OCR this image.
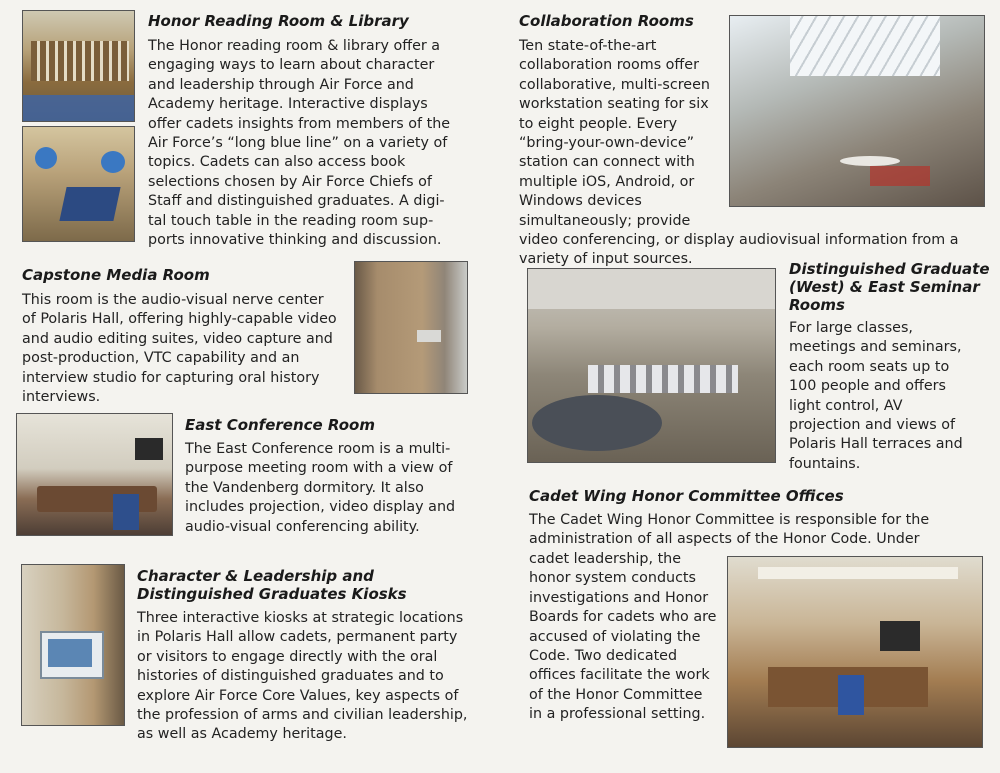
Honor Reading Room & Library
The Honor reading room & library offer a
engaging ways to learn about character
and leadership through Air Force and
Academy heritage. Interactive displays
offer cadets insights from members of the
Air Force’s “long blue line” on a variety of
topics. Cadets can also access book
selections chosen by Air Force Chiefs of
Staff and distinguished graduates. A digi-
tal touch table in the reading room sup-
ports innovative thinking and discussion.
Capstone Media Room
This room is the audio-visual nerve center
of Polaris Hall, offering highly-capable video
and audio editing suites, video capture and
post-production, VTC capability and an
interview studio for capturing oral history
interviews.
East Conference Room
The East Conference room is a multi-
purpose meeting room with a view of
the Vandenberg dormitory. It also
includes projection, video display and
audio-visual conferencing ability.
Character & Leadership and
Distinguished Graduates Kiosks
Three interactive kiosks at strategic locations
in Polaris Hall allow cadets, permanent party
or visitors to engage directly with the oral
histories of distinguished graduates and to
explore Air Force Core Values, key aspects of
the profession of arms and civilian leadership,
as well as Academy heritage.
Collaboration Rooms
Ten state-of-the-art
collaboration rooms offer
collaborative, multi-screen
workstation seating for six
to eight people. Every
“bring-your-own-device”
station can connect with
multiple iOS, Android, or
Windows devices
simultaneously; provide
video conferencing, or display audiovisual information from a
variety of input sources.
Distinguished Graduate
(West) & East Seminar
Rooms
For large classes,
meetings and seminars,
each room seats up to
100 people and offers
light control, AV
projection and views of
Polaris Hall terraces and
fountains.
Cadet Wing Honor Committee Offices
The Cadet Wing Honor Committee is responsible for the
administration of all aspects of the Honor Code. Under
cadet leadership, the
honor system conducts
investigations and Honor
Boards for cadets who are
accused of violating the
Code. Two dedicated
offices facilitate the work
of the Honor Committee
in a professional setting.
